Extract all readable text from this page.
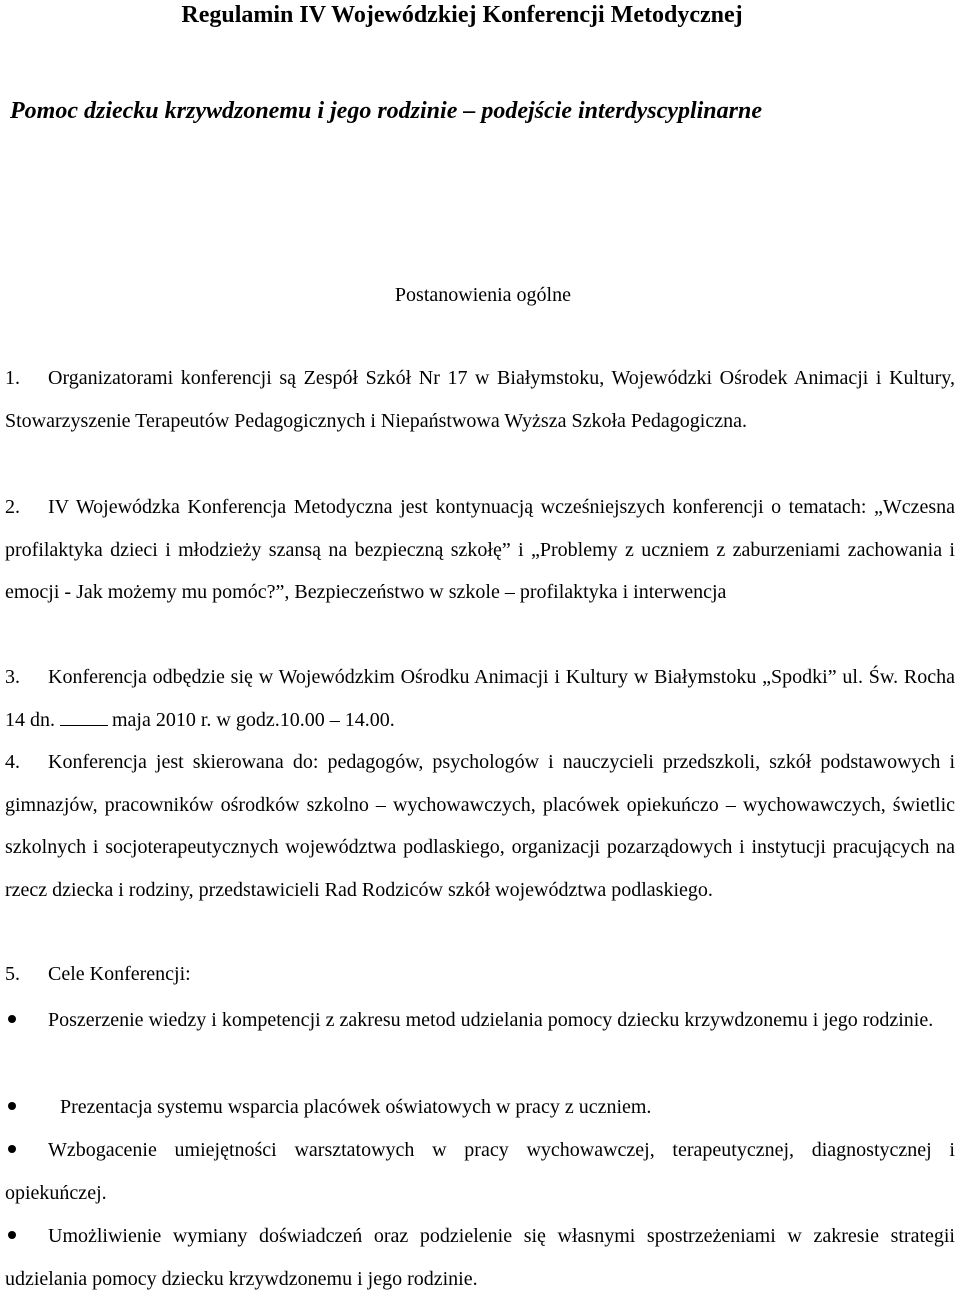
Regulamin IV Wojewódzkiej Konferencji Metodycznej
Pomoc dziecku krzywdzonemu i jego rodzinie – podejście interdyscyplinarne
Postanowienia ogólne
1. Organizatorami konferencji są Zespół Szkół Nr 17 w Białymstoku, Wojewódzki Ośrodek Animacji i Kultury, Stowarzyszenie Terapeutów Pedagogicznych i Niepaństwowa Wyższa Szkoła Pedagogiczna.
2. IV Wojewódzka Konferencja Metodyczna jest kontynuacją wcześniejszych konferencji o tematach: „Wczesna profilaktyka dzieci i młodzieży szansą na bezpieczną szkołę” i „Problemy z uczniem z zaburzeniami zachowania i emocji - Jak możemy mu pomóc?”, Bezpieczeństwo w szkole – profilaktyka i interwencja
3. Konferencja odbędzie się w Wojewódzkim Ośrodku Animacji i Kultury w Białymstoku „Spodki” ul. Św. Rocha 14 dn.	maja 2010 r. w godz.10.00 – 14.00.
4. Konferencja jest skierowana do: pedagogów, psychologów i nauczycieli przedszkoli, szkół podstawowych i gimnazjów, pracowników ośrodków szkolno – wychowawczych, placówek opiekuńczo – wychowawczych, świetlic szkolnych i socjoterapeutycznych województwa podlaskiego, organizacji pozarządowych i instytucji pracujących na rzecz dziecka i rodziny, przedstawicieli Rad Rodziców szkół województwa podlaskiego.
5. Cele Konferencji:
Poszerzenie wiedzy i kompetencji z zakresu metod udzielania pomocy dziecku krzywdzonemu i jego rodzinie.
Prezentacja systemu wsparcia placówek oświatowych w pracy z uczniem.
Wzbogacenie umiejętności warsztatowych w pracy wychowawczej, terapeutycznej, diagnostycznej i opiekuńczej.
Umożliwienie wymiany doświadczeń oraz podzielenie się własnymi spostrzeżeniami w zakresie strategii udzielania pomocy dziecku krzywdzonemu i jego rodzinie.
